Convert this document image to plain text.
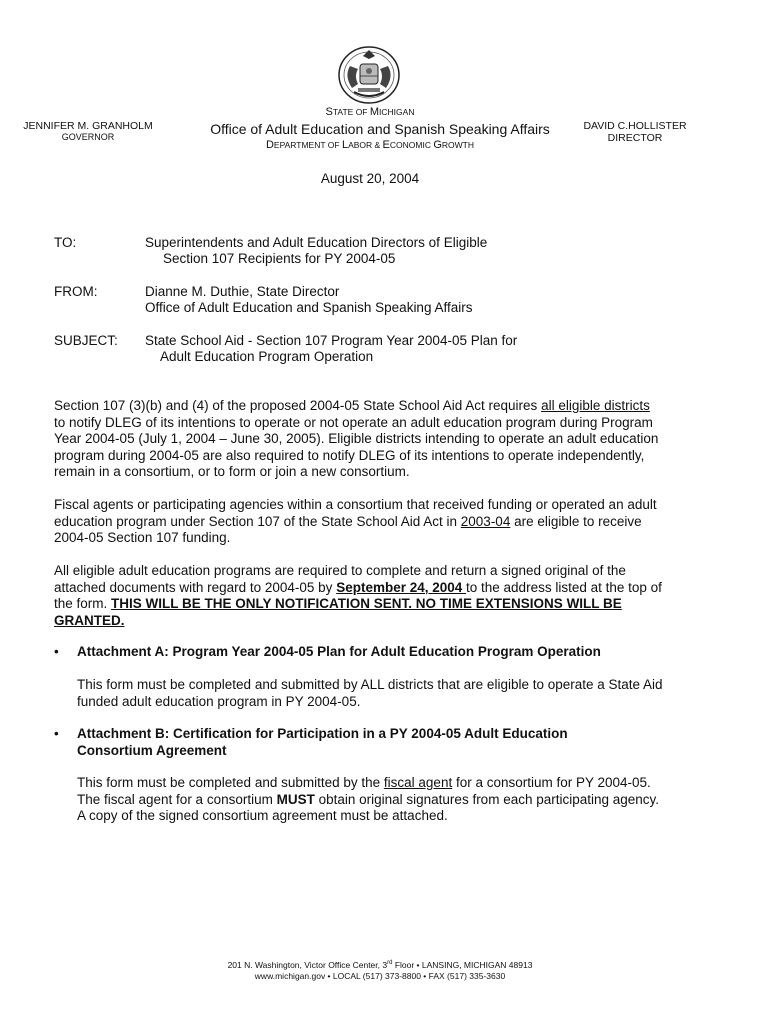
JENNIFER M. GRANHOLM
GOVERNOR
STATE OF MICHIGAN
Office of Adult Education and Spanish Speaking Affairs
DEPARTMENT OF LABOR & ECONOMIC GROWTH
DAVID C.HOLLISTER
DIRECTOR
August 20, 2004
TO:	Superintendents and Adult Education Directors of Eligible
Section 107 Recipients for PY 2004-05
FROM:	Dianne M. Duthie, State Director
Office of Adult Education and Spanish Speaking Affairs
SUBJECT: State School Aid - Section 107 Program Year 2004-05 Plan for
Adult Education Program Operation
Section 107 (3)(b) and (4) of the proposed 2004-05 State School Aid Act requires all eligible districts to notify DLEG of its intentions to operate or not operate an adult education program during Program Year 2004-05 (July 1, 2004 – June 30, 2005). Eligible districts intending to operate an adult education program during 2004-05 are also required to notify DLEG of its intentions to operate independently, remain in a consortium, or to form or join a new consortium.
Fiscal agents or participating agencies within a consortium that received funding or operated an adult education program under Section 107 of the State School Aid Act in 2003-04 are eligible to receive 2004-05 Section 107 funding.
All eligible adult education programs are required to complete and return a signed original of the attached documents with regard to 2004-05 by September 24, 2004 to the address listed at the top of the form. THIS WILL BE THE ONLY NOTIFICATION SENT. NO TIME EXTENSIONS WILL BE GRANTED.
• Attachment A: Program Year 2004-05 Plan for Adult Education Program Operation
This form must be completed and submitted by ALL districts that are eligible to operate a State Aid funded adult education program in PY 2004-05.
• Attachment B: Certification for Participation in a PY 2004-05 Adult Education Consortium Agreement
This form must be completed and submitted by the fiscal agent for a consortium for PY 2004-05. The fiscal agent for a consortium MUST obtain original signatures from each participating agency. A copy of the signed consortium agreement must be attached.
201 N. Washington, Victor Office Center, 3rd Floor • LANSING, MICHIGAN 48913
www.michigan.gov • LOCAL (517) 373-8800 • FAX (517) 335-3630
